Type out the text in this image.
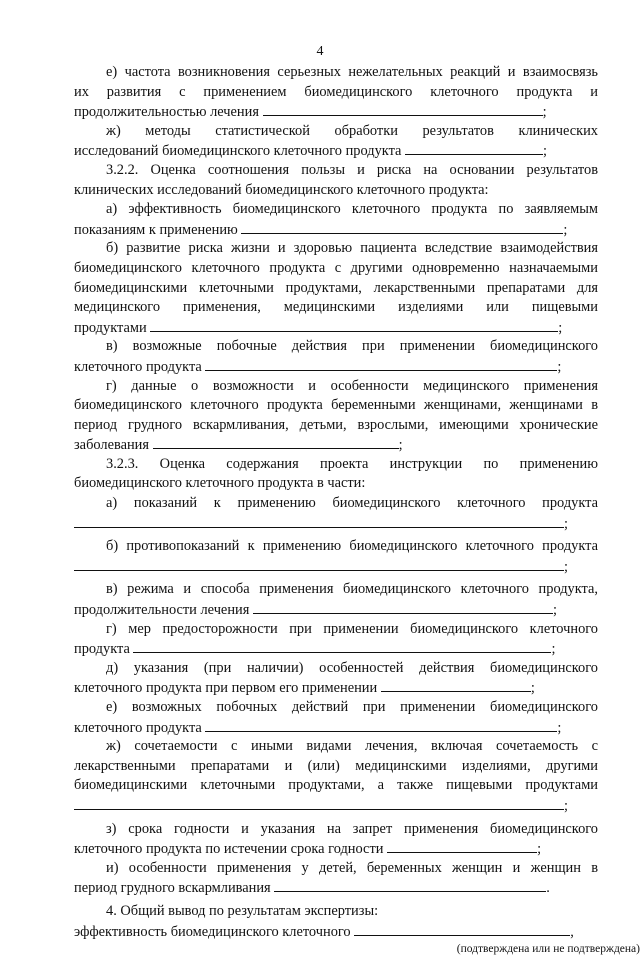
4
е) частота возникновения серьезных нежелательных реакций и взаимосвязь
их развития с применением биомедицинского клеточного продукта и
продолжительностью лечения	;
ж) методы статистической обработки результатов клинических
исследований биомедицинского клеточного продукта	;
3.2.2. Оценка соотношения пользы и риска на основании результатов
клинических исследований биомедицинского клеточного продукта:
а) эффективность биомедицинского клеточного продукта по заявляемым
показаниям к применению	;
б) развитие риска жизни и здоровью пациента вследствие взаимодействия
биомедицинского клеточного продукта с другими одновременно назначаемыми
биомедицинскими клеточными продуктами, лекарственными препаратами для
медицинского применения, медицинскими изделиями или пищевыми
продуктами	;
в) возможные побочные действия при применении биомедицинского
клеточного продукта	;
г) данные о возможности и особенности медицинского применения
биомедицинского клеточного продукта беременными женщинами, женщинами в
период грудного вскармливания, детьми, взрослыми, имеющими хронические
заболевания	;
3.2.3. Оценка содержания проекта инструкции по применению
биомедицинского клеточного продукта в части:
а) показаний к применению биомедицинского клеточного продукта
;
б) противопоказаний к применению биомедицинского клеточного продукта
;
в) режима и способа применения биомедицинского клеточного продукта,
продолжительности лечения	;
г) мер предосторожности при применении биомедицинского клеточного
продукта	;
д) указания (при наличии) особенностей действия биомедицинского
клеточного продукта при первом его применении	;
е) возможных побочных действий при применении биомедицинского
клеточного продукта	;
ж) сочетаемости с иными видами лечения, включая сочетаемость с
лекарственными препаратами и (или) медицинскими изделиями, другими
биомедицинскими клеточными продуктами, а также пищевыми продуктами
;
з) срока годности и указания на запрет применения биомедицинского
клеточного продукта по истечении срока годности	;
и) особенности применения у детей, беременных женщин и женщин в
период грудного вскармливания	.
4. Общий вывод по результатам экспертизы:
эффективность биомедицинского клеточного	,
(подтверждена или не подтверждена)
